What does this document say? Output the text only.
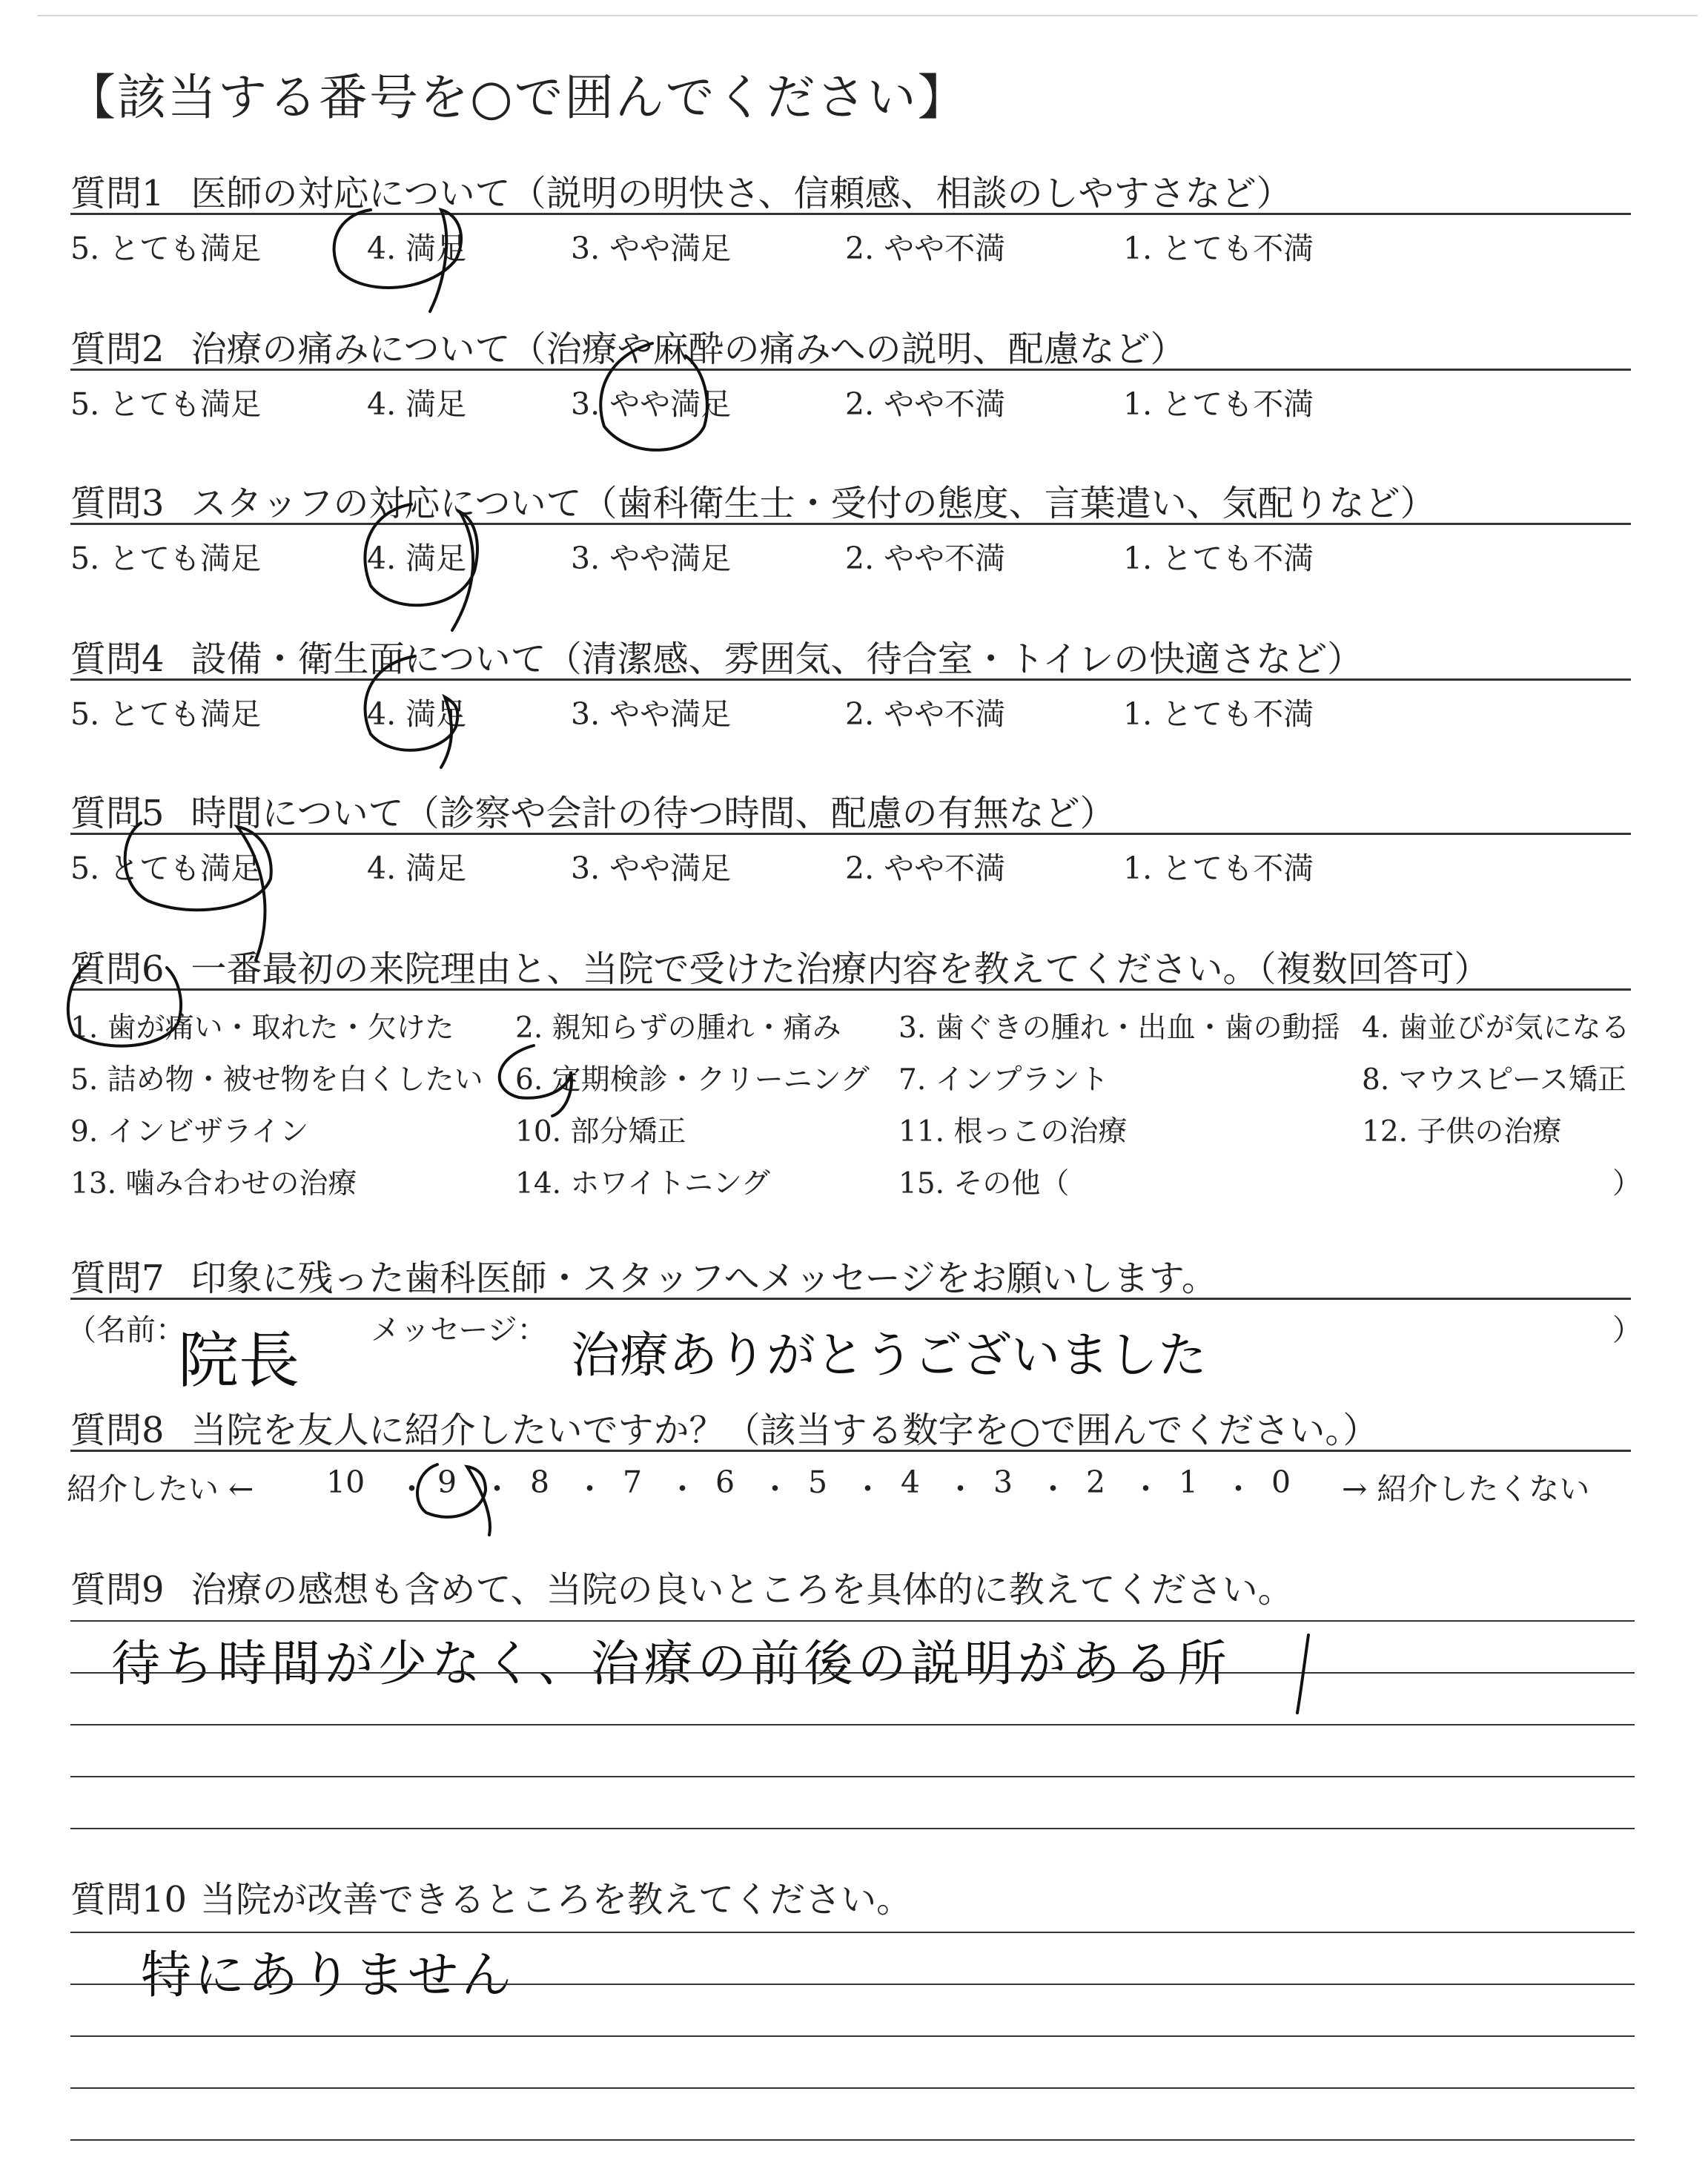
【該当する番号を○で囲んでください】
質問1 医師の対応について（説明の明快さ、信頼感、相談のしやすさなど）
5. とても満足	4. 満足	3. やや満足	2. やや不満	1. とても不満
質問2 治療の痛みについて（治療や麻酔の痛みへの説明、配慮など）
5. とても満足	4. 満足	3. やや満足	2. やや不満	1. とても不満
質問3 スタッフの対応について（歯科衛生士・受付の態度、言葉遣い、気配りなど）
5. とても満足	4. 満足	3. やや満足	2. やや不満	1. とても不満
質問4 設備・衛生面について（清潔感、雰囲気、待合室・トイレの快適さなど）
5. とても満足	4. 満足	3. やや満足	2. やや不満	1. とても不満
質問5 時間について（診察や会計の待つ時間、配慮の有無など）
5. とても満足	4. 満足	3. やや満足	2. やや不満	1. とても不満
質問6 一番最初の来院理由と、当院で受けた治療内容を教えてください。（複数回答可）
1. 歯が痛い・取れた・欠けた 2. 親知らずの腫れ・痛み 3. 歯ぐきの腫れ・出血・歯の動揺 4. 歯並びが気になる
5. 詰め物・被せ物を白くしたい 6. 定期検診・クリーニング 7. インプラント	8. マウスピース矯正
9. インビザライン	10. 部分矯正	11. 根っこの治療	12. 子供の治療
13. 噛み合わせの治療	14. ホワイトニング	15. その他（	）
質問7 印象に残った歯科医師・スタッフへメッセージをお願いします。
（名前：
院長 メッセージ： 治療ありがとうございました	）
質問8 当院を友人に紹介したいですか？（該当する数字を○で囲んでください。）
紹介したい ← 10 ・ 9 ・ 8 ・ 7 ・ 6 ・ 5 ・ 4 ・ 3 ・ 2 ・ 1 ・ 0 → 紹介したくない
質問9 治療の感想も含めて、当院の良いところを具体的に教えてください。
待ち時間が少なく、治療の前後の説明がある所
質問10 当院が改善できるところを教えてください。
特にありません
